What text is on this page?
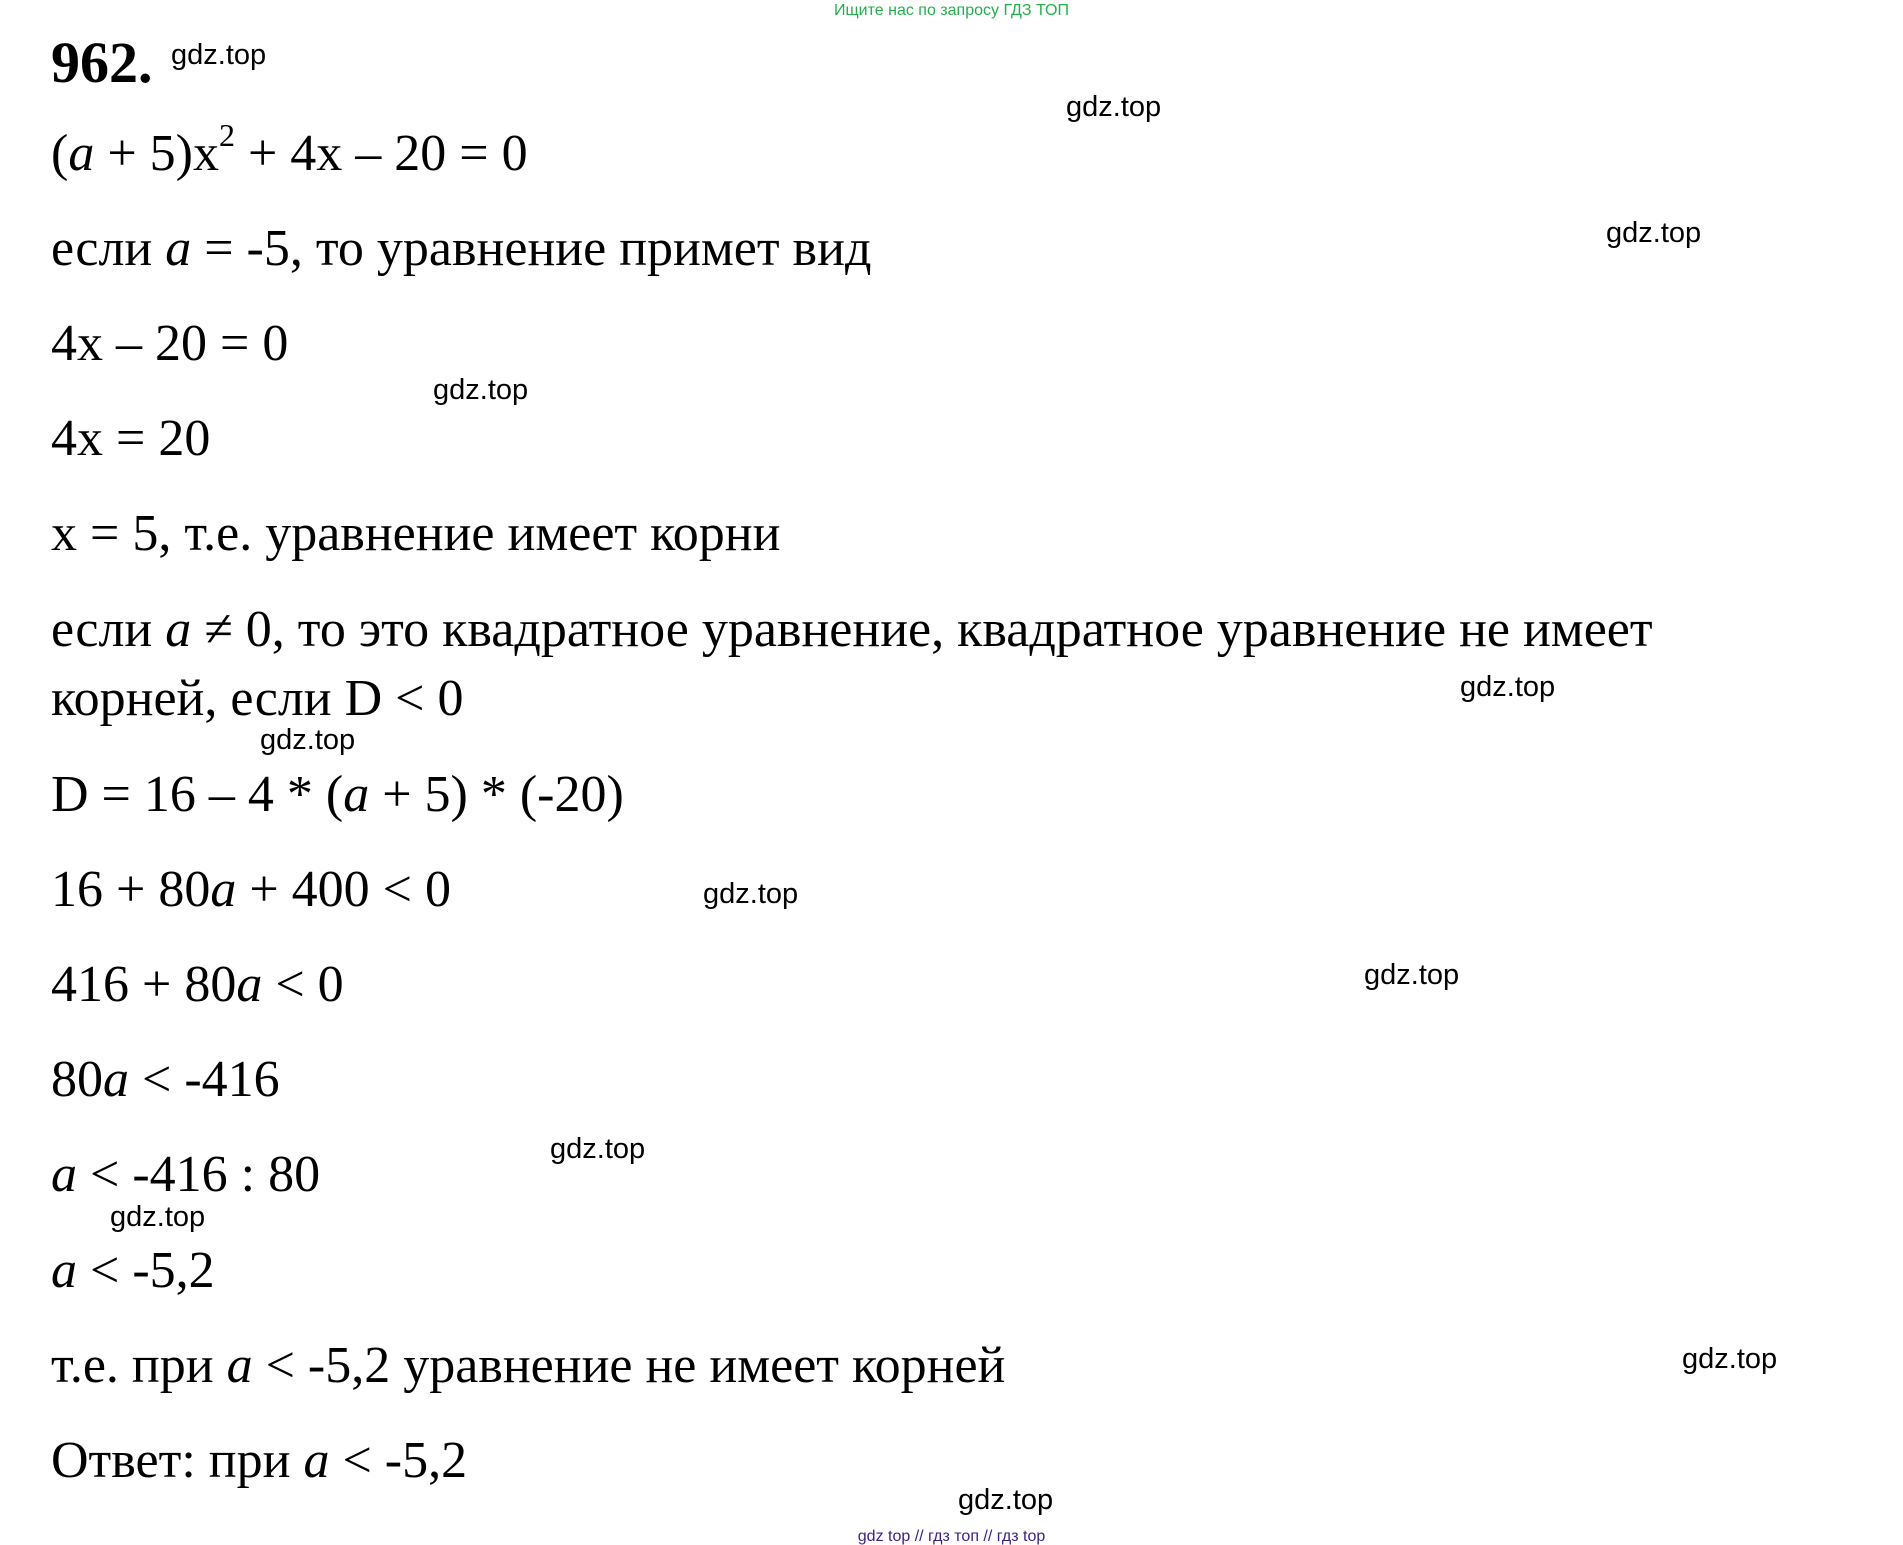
Ищите нас по запросу ГДЗ ТОП
962.
$(a + 5)x^2 + 4x - 20 = 0$
если a = -5, то уравнение примет вид
4x – 20 = 0
4x = 20
x = 5, т.е. уравнение имеет корни
если a ≠ 0, то это квадратное уравнение, квадратное уравнение не имеет
корней, если D < 0
D = 16 – 4 * (a + 5) * (-20)
16 + 80a + 400 < 0
416 + 80a < 0
80a < -416
a < -416 : 80
a < -5,2
т.е. при a < -5,2 уравнение не имеет корней
Ответ: при a < -5,2
gdz.top
gdz.top
gdz.top
gdz.top
gdz.top
gdz.top
gdz.top
gdz.top
gdz.top
gdz.top
gdz.top
gdz.top
gdz top // гдз топ // гдз top
